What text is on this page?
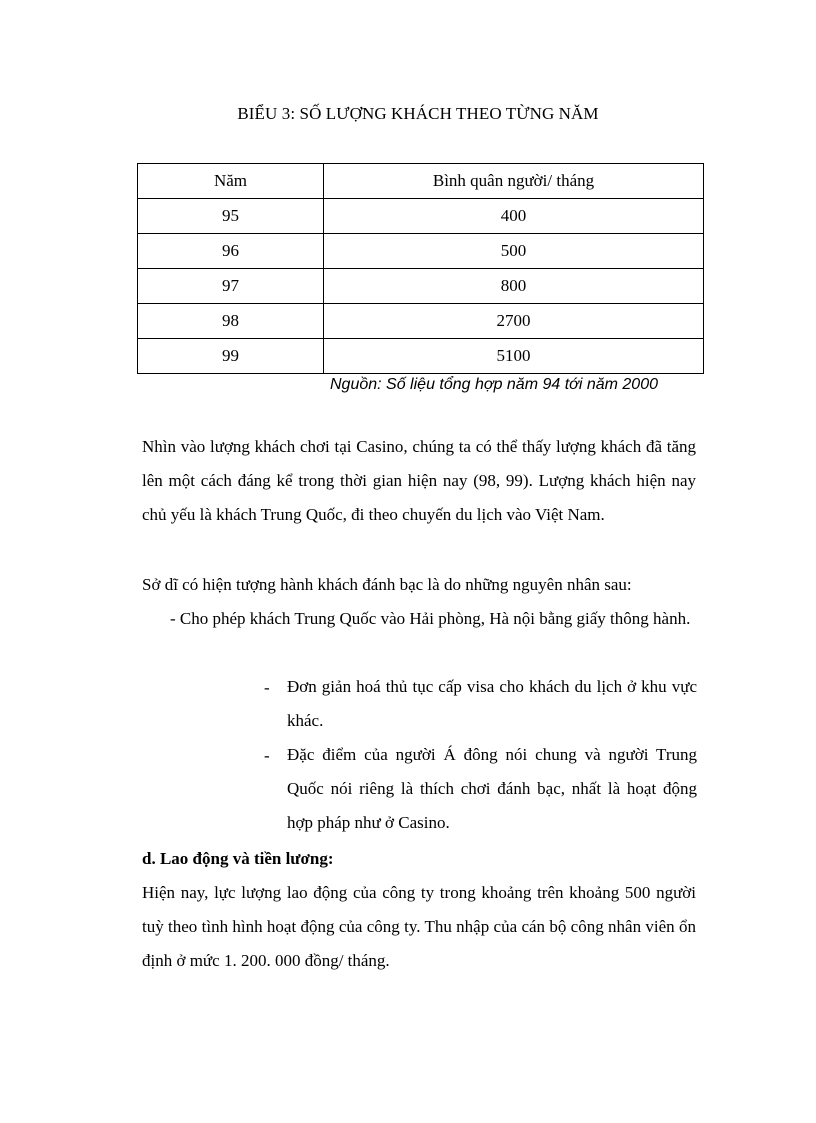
BIỂU 3: SỐ LƯỢNG KHÁCH THEO TỪNG NĂM
Năm	Bình quân người/ tháng
95	400
96	500
97	800
98	2700
99	5100
Nguồn: Số liệu tổng hợp năm 94 tới năm 2000
Nhìn vào lượng khách chơi tại Casino, chúng ta có thể thấy lượng khách đã tăng lên một cách đáng kể trong thời gian hiện nay (98, 99). Lượng khách hiện nay chủ yếu là khách Trung Quốc, đi theo chuyến du lịch vào Việt Nam.
Sở dĩ có hiện tượng hành khách đánh bạc là do những nguyên nhân sau:
- Cho phép khách Trung Quốc vào Hải phòng, Hà nội bằng giấy thông hành.
- Đơn giản hoá thủ tục cấp visa cho khách du lịch ở khu vực khác.
- Đặc điểm của người Á đông nói chung và người Trung Quốc nói riêng là thích chơi đánh bạc, nhất là hoạt động hợp pháp như ở Casino.
d. Lao động và tiền lương:
Hiện nay, lực lượng lao động của công ty trong khoảng trên khoảng 500 người tuỳ theo tình hình hoạt động của công ty. Thu nhập của cán bộ công nhân viên ổn định ở mức 1. 200. 000 đồng/ tháng.
